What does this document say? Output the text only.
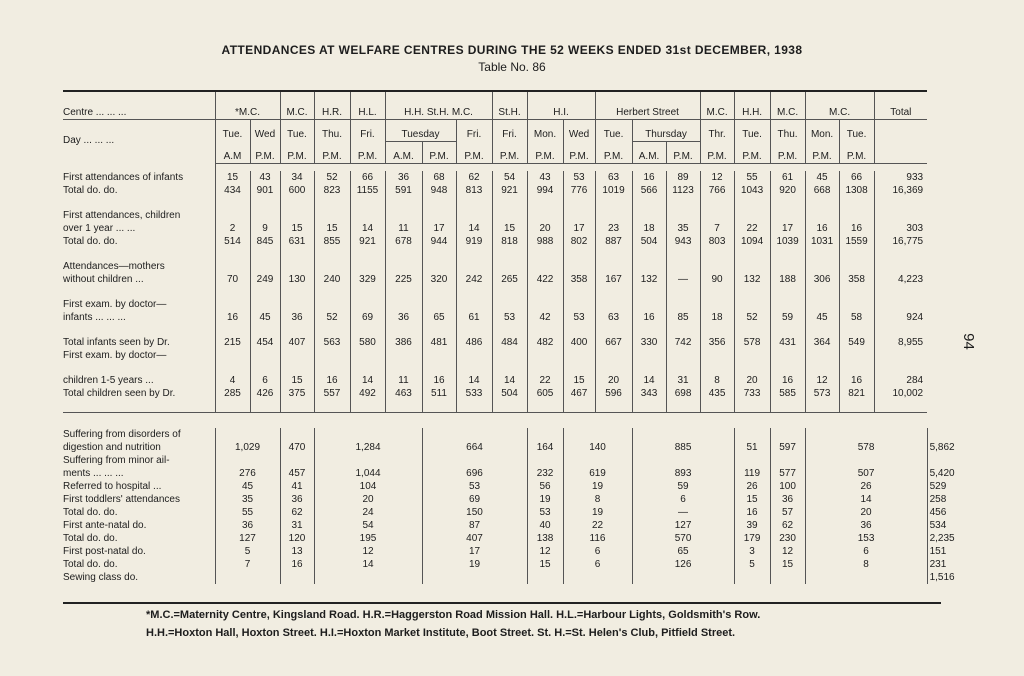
ATTENDANCES AT WELFARE CENTRES DURING THE 52 WEEKS ENDED 31st DECEMBER, 1938
Table No. 86
94
Centre ... ... ...	*M.C.		M.C.	H.R.	H.L.	H.H. St.H. M.C.			St.H.	H.I.		Herbert Street			M.C.	H.H.	M.C.	M.C.		Total	
Day ... ... ...	Tue.	Wed	Tue.	Thu.	Fri.	Tuesday		Fri.	Fri.	Mon.	Wed	Tue.	Thursday		Thr.	Tue.	Thu.	Mon.	Tue.		
	A.M	P.M.	P.M.	P.M.	P.M.	A.M.	P.M.	P.M.	P.M.	P.M.	P.M.	P.M.	A.M.	P.M.	P.M.	P.M.	P.M.	P.M.	P.M.		

First attendances of infants	15	43	34	52	66	36	68	62	54	43	53	63	16	89	12	55	61	45	66	933	
Total do. do.	434	901	600	823	1155	591	948	813	921	994	776	1019	566	1123	766	1043	920	668	1308	16,369	

First attendances, children																					
over 1 year ... ...	2	9	15	15	14	11	17	14	15	20	17	23	18	35	7	22	17	16	16	303	
Total do. do.	514	845	631	855	921	678	944	919	818	988	802	887	504	943	803	1094	1039	1031	1559	16,775	

Attendances—mothers																					
without children ...	70	249	130	240	329	225	320	242	265	422	358	167	132	—	90	132	188	306	358	4,223	

First exam. by doctor—																					
infants ... ... ...	16	45	36	52	69	36	65	61	53	42	53	63	16	85	18	52	59	45	58	924	

Total infants seen by Dr.	215	454	407	563	580	386	481	486	484	482	400	667	330	742	356	578	431	364	549	8,955	
First exam. by doctor—																					

children 1-5 years ...	4	6	15	16	14	11	16	14	14	22	15	20	14	31	8	20	16	12	16	284	
Total children seen by Dr.	285	426	375	557	492	463	511	533	504	605	467	596	343	698	435	733	585	573	821	10,002	

Suffering from disorders of																					
digestion and nutrition	1,029		470	1,284			664			164	140		885			51	597	578			5,862
Suffering from minor ail-																					
ments ... ... ...	276		457	1,044			696			232	619		893			119	577	507			5,420
Referred to hospital ...	45		41	104			53			56	19		59			26	100	26			529
First toddlers' attendances	35		36	20			69			19	8		6			15	36	14			258
Total do. do.	55		62	24			150			53	19		—			16	57	20			456
First ante-natal do.	36		31	54			87			40	22		127			39	62	36			534
Total do. do.	127		120	195			407			138	116		570			179	230	153			2,235
First post-natal do.	5		13	12			17			12	6		65			3	12	6			151
Total do. do.	7		16	14			19			15	6		126			5	15	8			231
Sewing class do.																					1,516
*M.C.=Maternity Centre, Kingsland Road. H.R.=Haggerston Road Mission Hall. H.L.=Harbour Lights, Goldsmith's Row.
H.H.=Hoxton Hall, Hoxton Street. H.I.=Hoxton Market Institute, Boot Street. St. H.=St. Helen's Club, Pitfield Street.
